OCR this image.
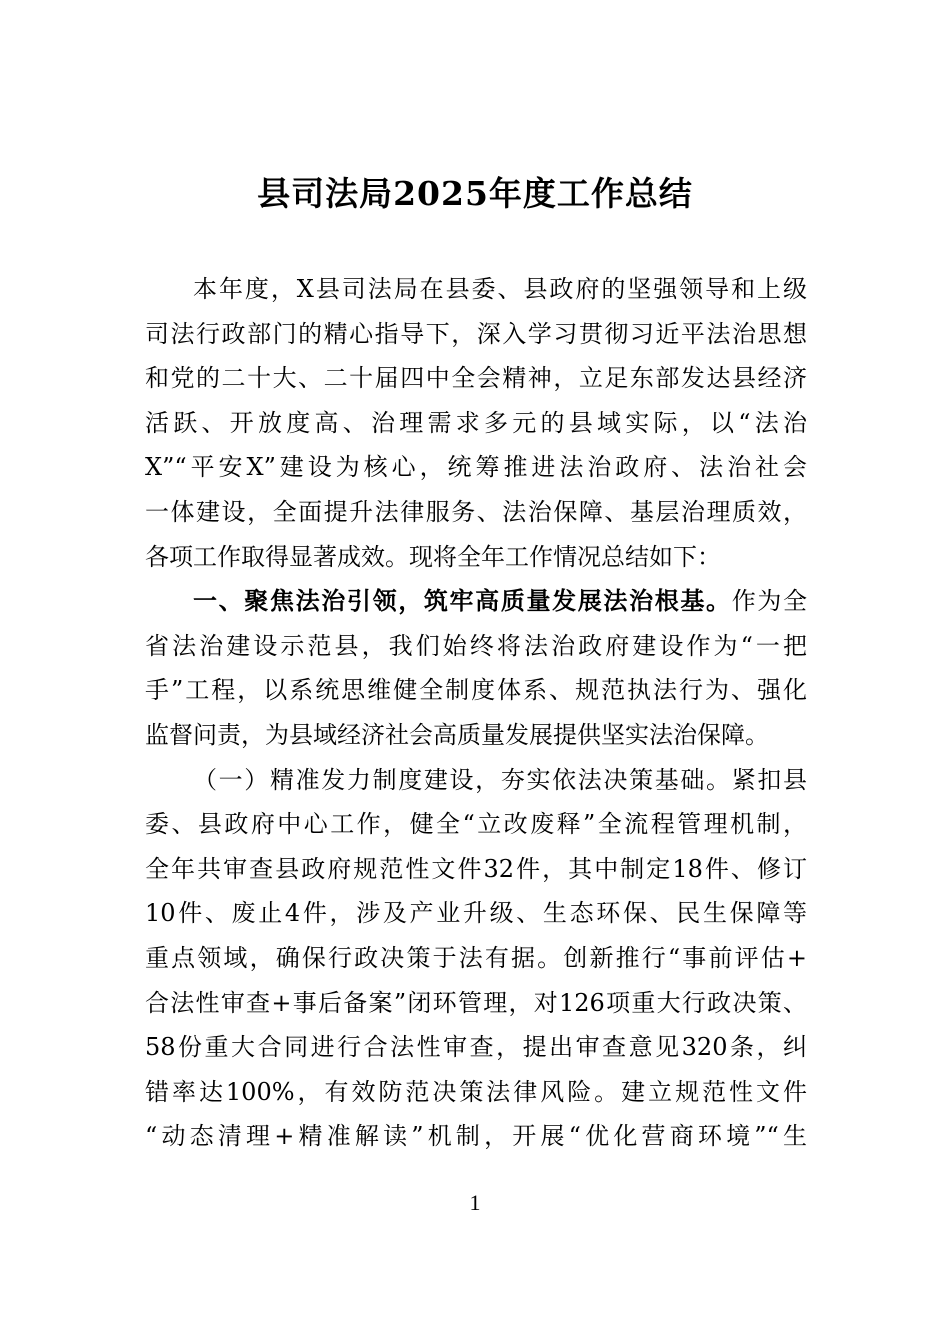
县司法局2025年度工作总结
本年度，X县司法局在县委、县政府的坚强领导和上级
司法行政部门的精心指导下，深入学习贯彻习近平法治思想
和党的二十大、二十届四中全会精神，立足东部发达县经济
活跃、开放度高、治理需求多元的县域实际，以“法治
X”“平安X”建设为核心，统筹推进法治政府、法治社会
一体建设，全面提升法律服务、法治保障、基层治理质效，
各项工作取得显著成效。现将全年工作情况总结如下：
一、聚焦法治引领，筑牢高质量发展法治根基。作为全
省法治建设示范县，我们始终将法治政府建设作为“一把
手”工程，以系统思维健全制度体系、规范执法行为、强化
监督问责，为县域经济社会高质量发展提供坚实法治保障。
（一）精准发力制度建设，夯实依法决策基础。紧扣县
委、县政府中心工作，健全“立改废释”全流程管理机制，
全年共审查县政府规范性文件32件，其中制定18件、修订
10件、废止4件，涉及产业升级、生态环保、民生保障等
重点领域，确保行政决策于法有据。创新推行“事前评估+
合法性审查+事后备案”闭环管理，对126项重大行政决策、
58份重大合同进行合法性审查，提出审查意见320条，纠
错率达100%，有效防范决策法律风险。建立规范性文件
“动态清理+精准解读”机制，开展“优化营商环境”“生
1
